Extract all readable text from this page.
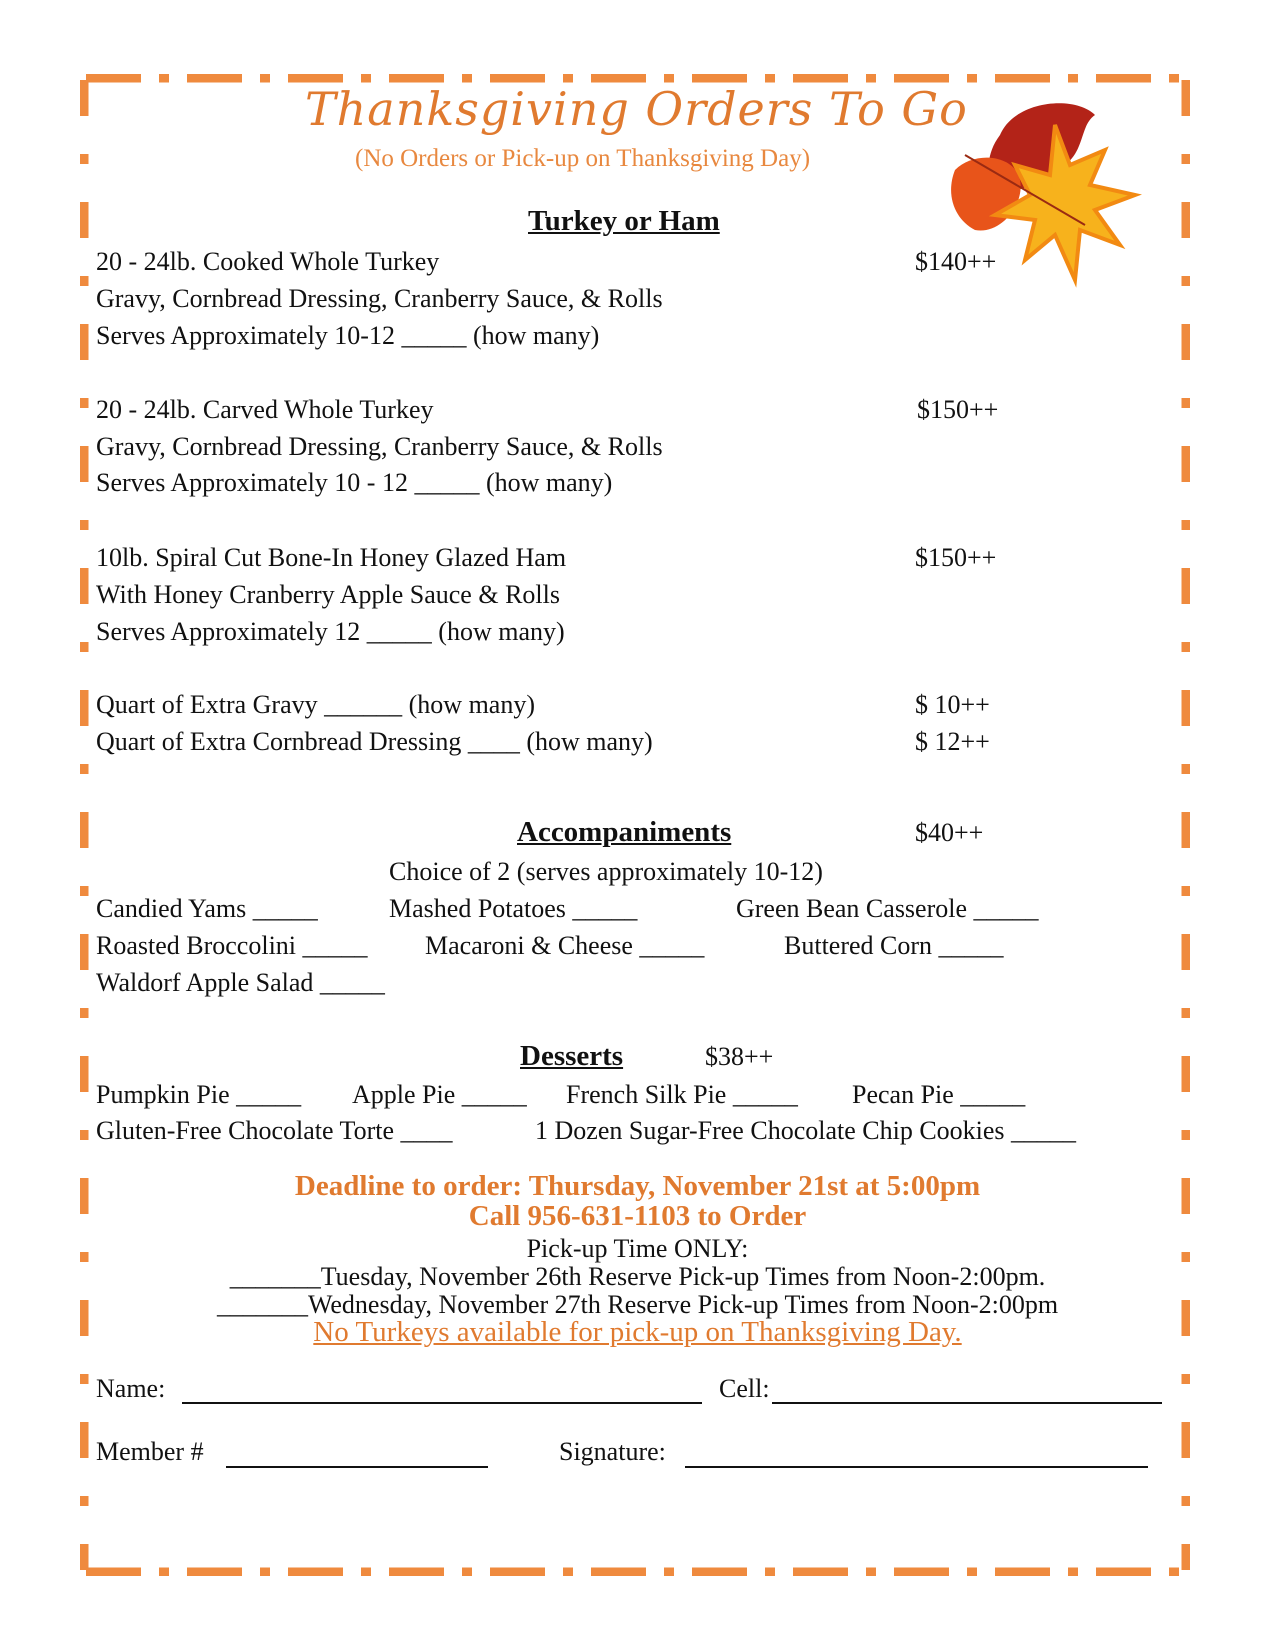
Thanksgiving Orders To Go
(No Orders or Pick-up on Thanksgiving Day)
Turkey or Ham
20 - 24lb. Cooked Whole Turkey	$140++
Gravy, Cornbread Dressing, Cranberry Sauce, & Rolls
Serves Approximately 10-12 _____ (how many)
20 - 24lb. Carved Whole Turkey	$150++
Gravy, Cornbread Dressing, Cranberry Sauce, & Rolls
Serves Approximately 10 - 12 _____ (how many)
10lb. Spiral Cut Bone-In Honey Glazed Ham	$150++
With Honey Cranberry Apple Sauce & Rolls
Serves Approximately 12 _____ (how many)
Quart of Extra Gravy ______ (how many)	$ 10++
Quart of Extra Cornbread Dressing ____ (how many)	$ 12++
Accompaniments	$40++
Choice of 2 (serves approximately 10-12)
Candied Yams _____	Mashed Potatoes _____	Green Bean Casserole _____
Roasted Broccolini _____ Macaroni & Cheese _____	Buttered Corn _____
Waldorf Apple Salad _____
Desserts	$38++
Pumpkin Pie _____ Apple Pie _____ French Silk Pie _____ Pecan Pie _____
Gluten-Free Chocolate Torte ____	1 Dozen Sugar-Free Chocolate Chip Cookies _____
Deadline to order: Thursday, November 21st at 5:00pm
Call 956-631-1103 to Order
Pick-up Time ONLY:
_______Tuesday, November 26th Reserve Pick-up Times from Noon-2:00pm.
_______Wednesday, November 27th Reserve Pick-up Times from Noon-2:00pm
No Turkeys available for pick-up on Thanksgiving Day.
Name:	Cell:
Member #	Signature:
